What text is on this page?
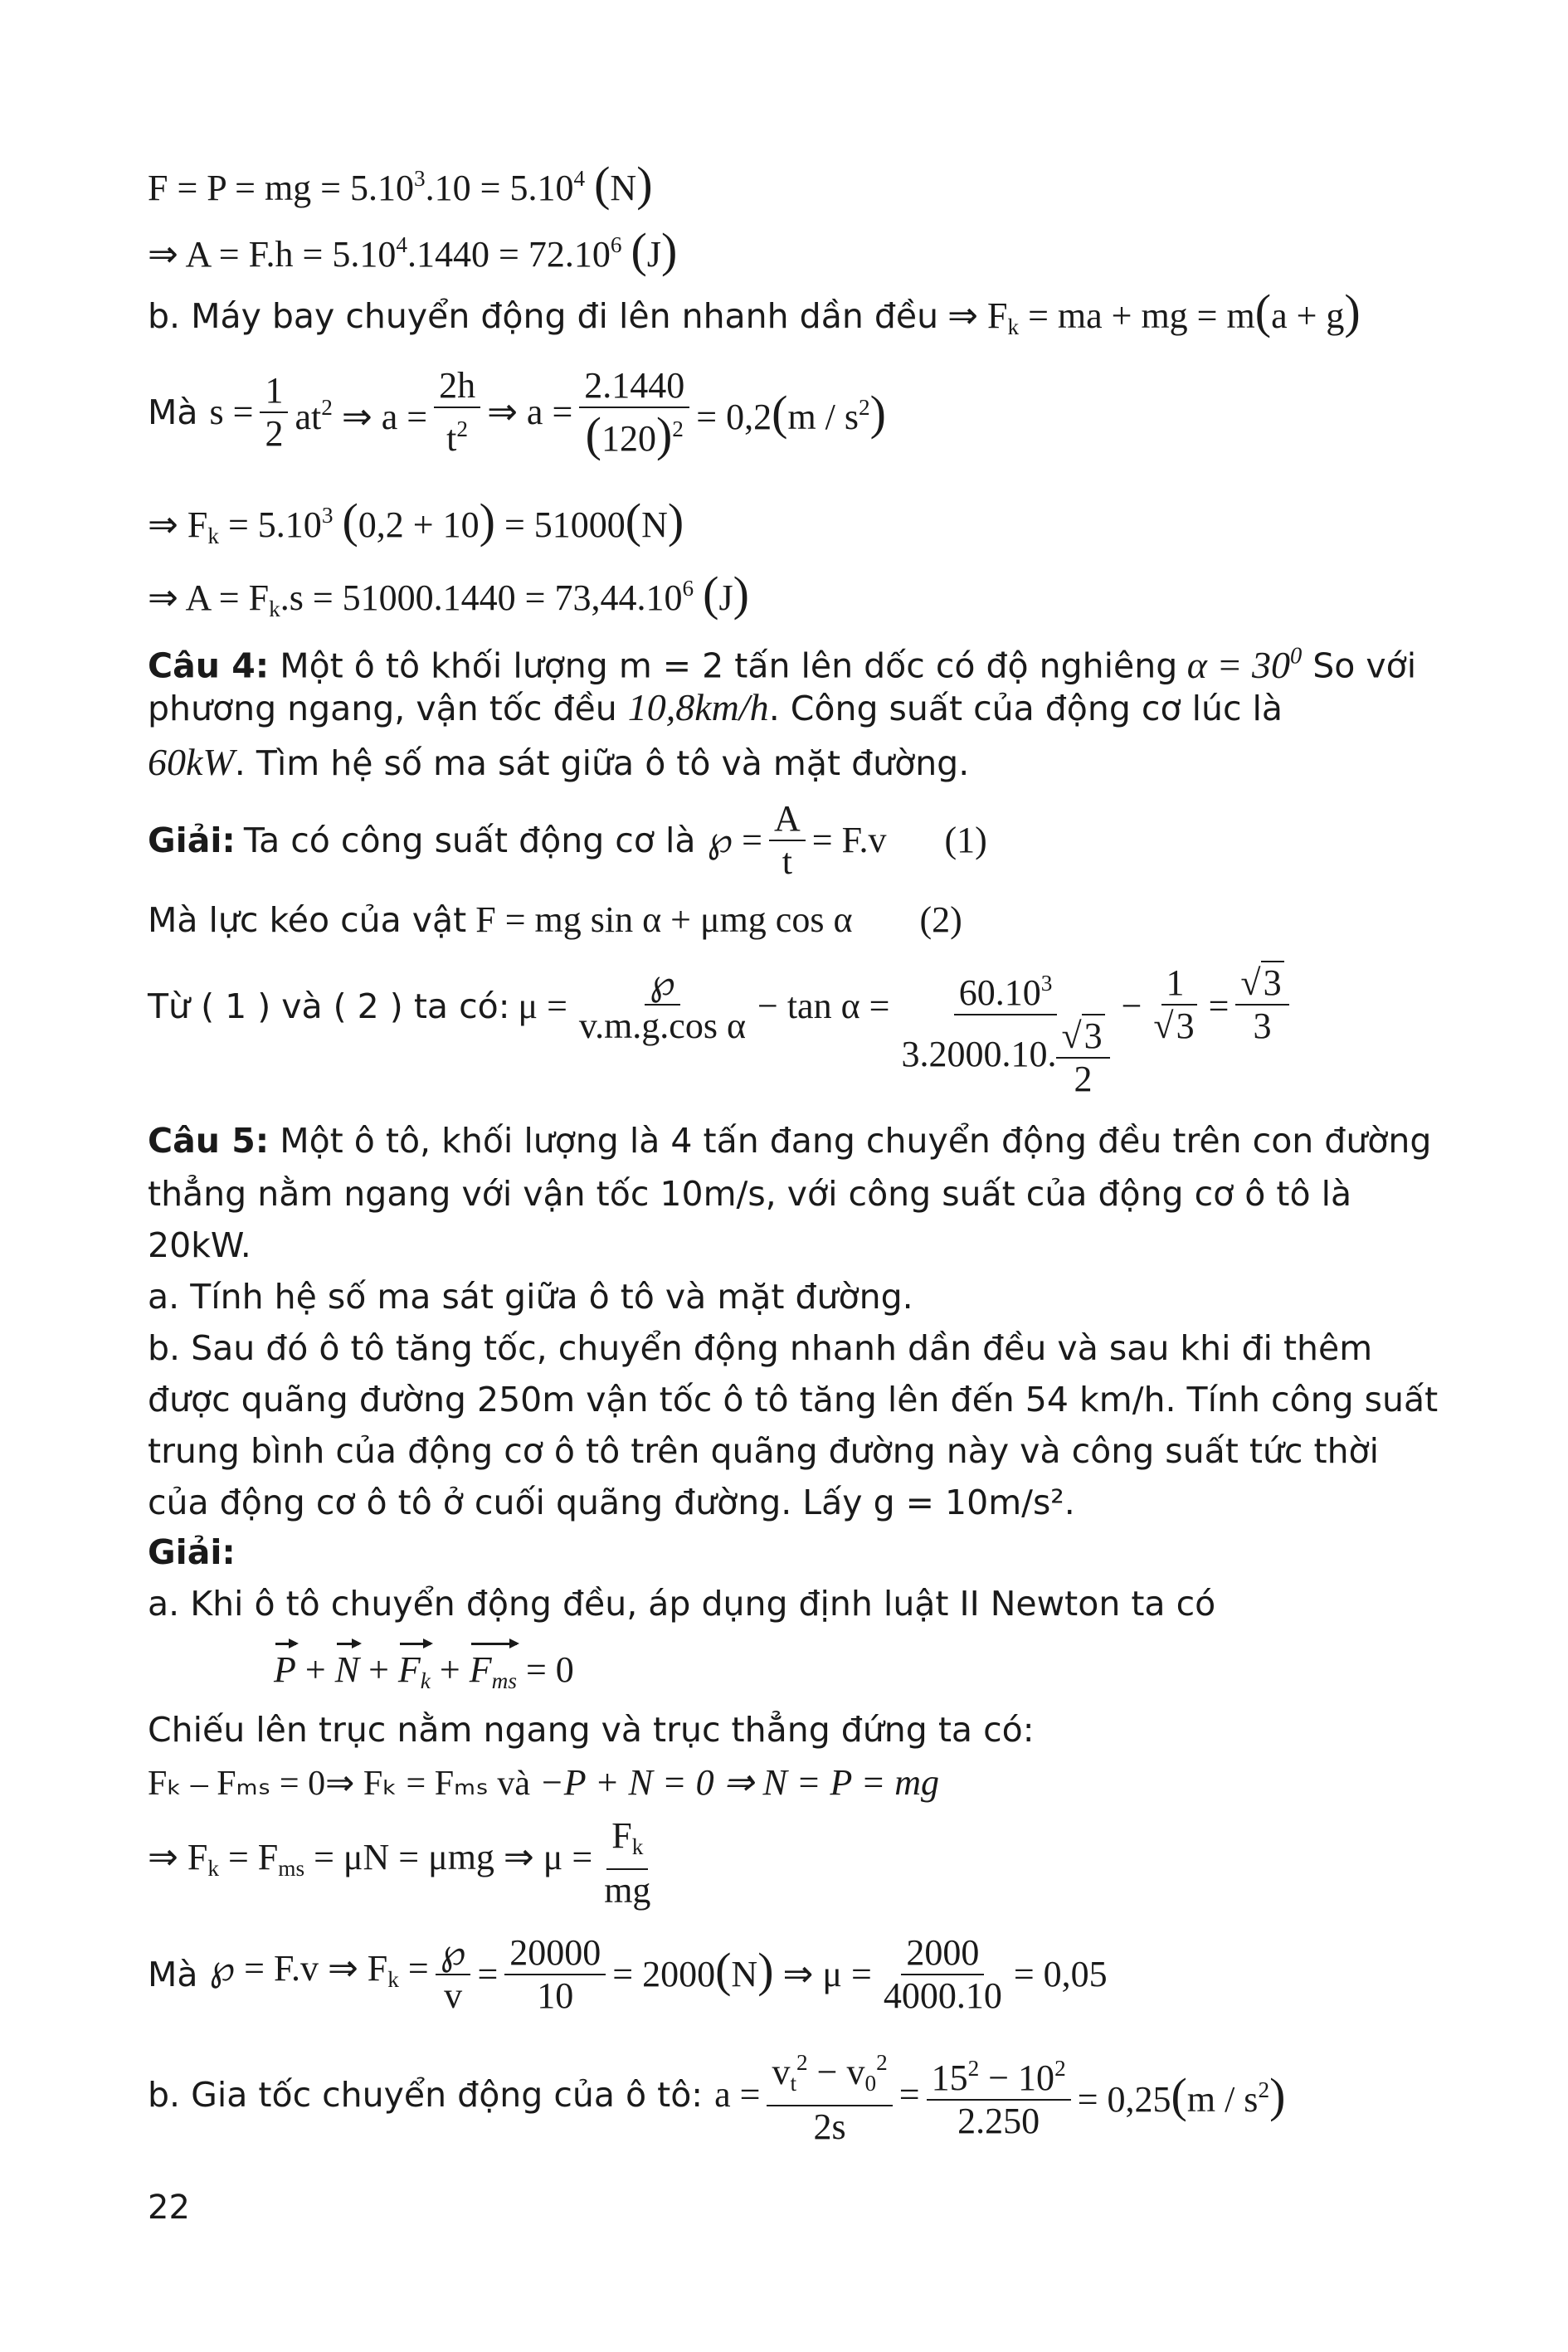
F = P = mg = $5.10^3.10 = 5.10^4$ (N)
⇒ $A = F.h = 5.10^4.1440 = 72.10^6$ (J)
b. Máy bay chuyển động đi lên nhanh dần đều ⇒ $F_k$ = ma + mg = m(a + g)
Mà $s = \frac{1}{2} at^2$ ⇒ $a = \frac{2h}{t^2}$ ⇒ $a = \frac{2.1440}{(120)^2} = 0,2(m / s^2)$
⇒ $F_k = 5.10^3$ (0,2 + 10) = 51000(N)
⇒ $A = F_k.s = 51000.1440 = 73,44.10^6$ (J)
Câu 4: Một ô tô khối lượng m = 2 tấn lên dốc có độ nghiêng $\alpha = 30^0$ So với
phương ngang, vận tốc đều 10,8km/h. Công suất của động cơ lúc là
60kW. Tìm hệ số ma sát giữa ô tô và mặt đường.
Giải: Ta có công suất động cơ là ℘ = $\frac{A}{t} = F.v$ (1)
Mà lực kéo của vật F = mg sin α + μmg cos α (2)
Từ ( 1 ) và ( 2 ) ta có: $\mu = \frac{℘}{\text{v.m.g.cos α}} - \tan \alpha = \frac{60.10^3}{3.2000.10. \frac{√3}{2}} - \frac{1}{√3} = \frac{√3}{3}$
Câu 5: Một ô tô, khối lượng là 4 tấn đang chuyển động đều trên con đường
thẳng nằm ngang với vận tốc 10m/s, với công suất của động cơ ô tô là
20kW.
a. Tính hệ số ma sát giữa ô tô và mặt đường.
b. Sau đó ô tô tăng tốc, chuyển động nhanh dần đều và sau khi đi thêm
được quãng đường 250m vận tốc ô tô tăng lên đến 54 km/h. Tính công suất
trung bình của động cơ ô tô trên quãng đường này và công suất tức thời
của động cơ ô tô ở cuối quãng đường. Lấy g = 10m/s².
Giải:
a. Khi ô tô chuyển động đều, áp dụng định luật II Newton ta có
$P + N + F_k + F_{ms} = 0$
Chiếu lên trục nằm ngang và trục thẳng đứng ta có:
Fₖ – Fₘₛ = 0⇒ Fₖ = Fₘₛ và −P + N = 0 ⇒ N = P = mg
⇒ $F_k = F_{ms} = \mu N = \mu mg$ ⇒ $\mu = \frac{F_k}{mg}$
Mà ℘ = F.v ⇒ $F_k = \frac{℘}{v} = \frac{20000}{10} = 2000(N)$ ⇒ $\mu = \frac{2000}{4000.10} = 0,05$
b. Gia tốc chuyển động của ô tô: $a = \frac{v_t^2 - v_0^2}{2s} = \frac{15^2 - 10^2}{2.250} = 0,25(m / s^2)$
22
